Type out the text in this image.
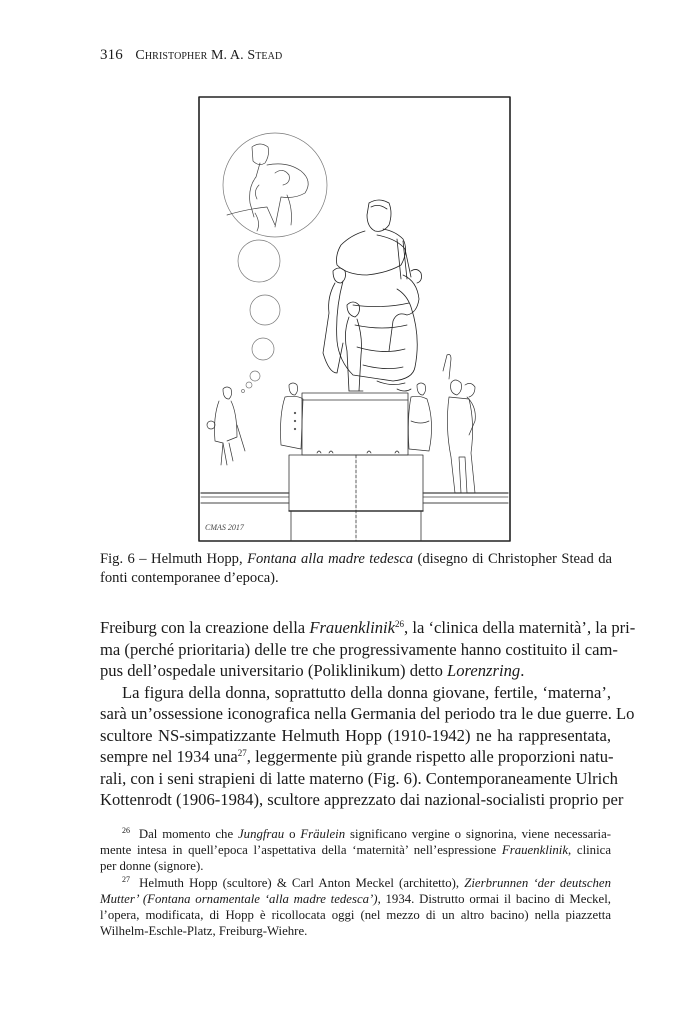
316 Christopher M. A. Stead
CMAS 2017
Fig. 6 – Helmuth Hopp, Fontana alla madre tedesca (disegno di Christopher Stead da
fonti contemporanee d’epoca).

Freiburg con la creazione della Frauenklinik$^{26}$, la ‘clinica della maternità’, la pri-
ma (perché prioritaria) delle tre che progressivamente hanno costituito il cam-
pus dell’ospedale universitario (Poliklinikum) detto Lorenzring.

La figura della donna, soprattutto della donna giovane, fertile, ‘materna’,
sarà un’ossessione iconografica nella Germania del periodo tra le due guerre. Lo
scultore NS-simpatizzante Helmuth Hopp (1910-1942) ne ha rappresentata,
sempre nel 1934 una$^{27}$, leggermente più grande rispetto alle proporzioni natu-
rali, con i seni strapieni di latte materno (Fig. 6). Contemporaneamente Ulrich
Kottenrodt (1906-1984), scultore apprezzato dai nazional-socialisti proprio per

$^{26}$ Dal momento che Jungfrau o Fräulein significano vergine o signorina, viene necessaria-
mente intesa in quell’epoca l’aspettativa della ‘maternità’ nell’espressione Frauenklinik, clinica
per donne (signore).
$^{27}$ Helmuth Hopp (scultore) & Carl Anton Meckel (architetto), Zierbrunnen ‘der deutschen
Mutter’ (Fontana ornamentale ‘alla madre tedesca’), 1934. Distrutto ormai il bacino di Meckel,
l’opera, modificata, di Hopp è ricollocata oggi (nel mezzo di un altro bacino) nella piazzetta
Wilhelm-Eschle-Platz, Freiburg-Wiehre.
